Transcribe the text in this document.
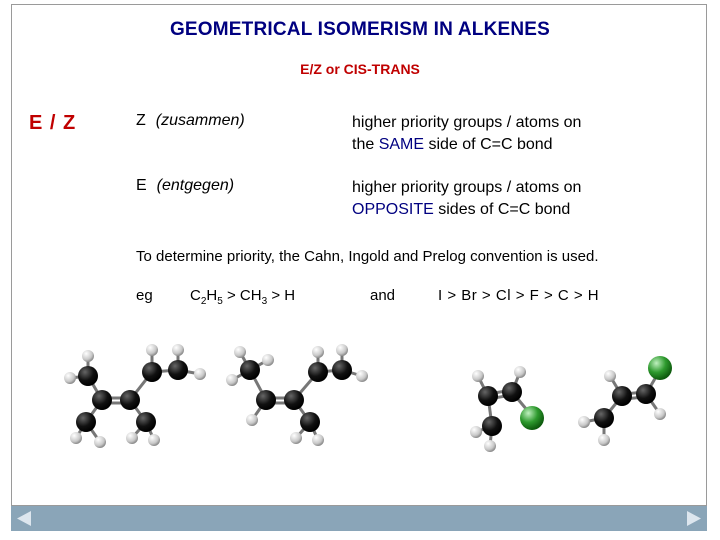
GEOMETRICAL ISOMERISM IN ALKENES
E/Z or CIS-TRANS
E / Z	Z (zusammen)	higher priority groups / atoms on
the SAME side of C=C bond
E (entgegen)	higher priority groups / atoms on
OPPOSITE sides of C=C bond
To determine priority, the Cahn, Ingold and Prelog convention is used.
eg $C_2H_5 > CH_3 > H$	and	I > Br > Cl > F > C > H
